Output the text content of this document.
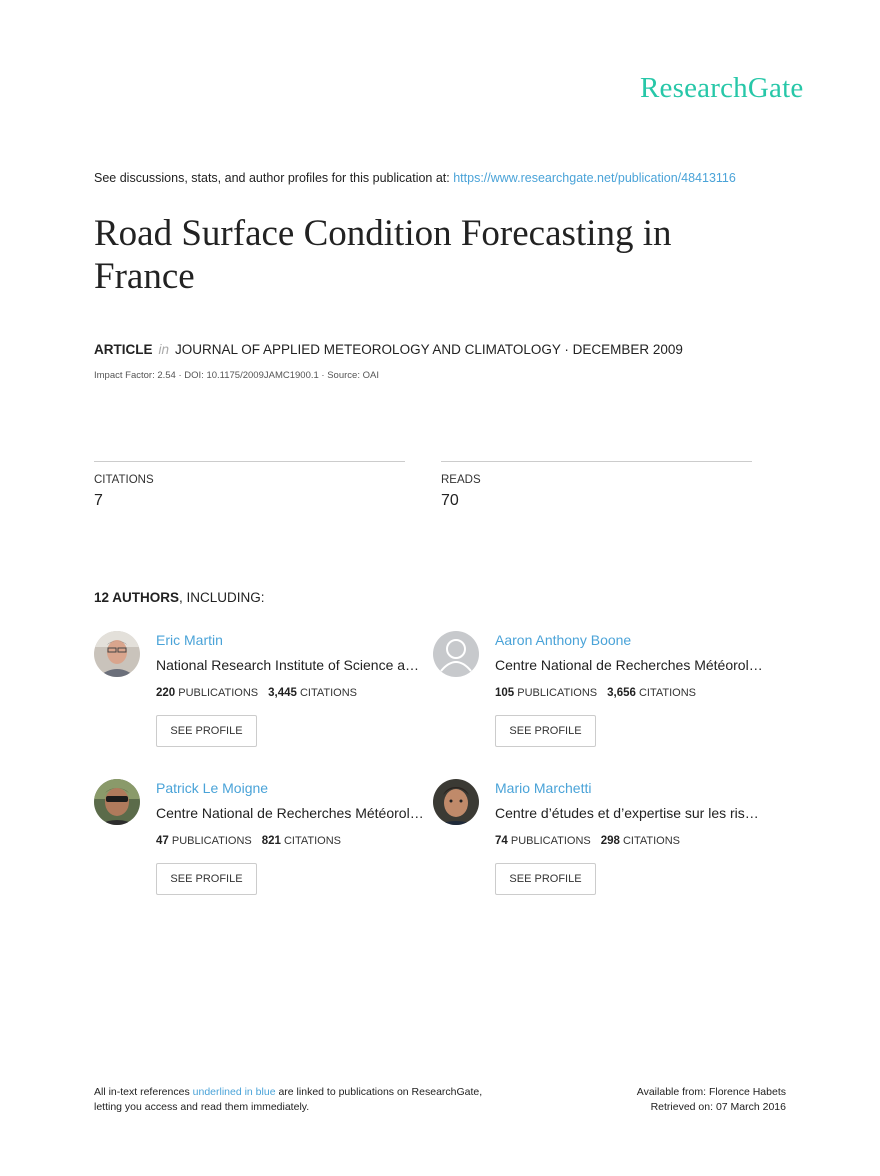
ResearchGate
See discussions, stats, and author profiles for this publication at: https://www.researchgate.net/publication/48413116
Road Surface Condition Forecasting in France
ARTICLE in JOURNAL OF APPLIED METEOROLOGY AND CLIMATOLOGY · DECEMBER 2009
Impact Factor: 2.54 · DOI: 10.1175/2009JAMC1900.1 · Source: OAI
CITATIONS
7
READS
70
12 AUTHORS, INCLUDING:
Eric Martin
National Research Institute of Science a…
220 PUBLICATIONS 3,445 CITATIONS
SEE PROFILE
Aaron Anthony Boone
Centre National de Recherches Météorol…
105 PUBLICATIONS 3,656 CITATIONS
SEE PROFILE
Patrick Le Moigne
Centre National de Recherches Météorol…
47 PUBLICATIONS 821 CITATIONS
SEE PROFILE
Mario Marchetti
Centre d’études et d’expertise sur les ris…
74 PUBLICATIONS 298 CITATIONS
SEE PROFILE
All in-text references underlined in blue are linked to publications on ResearchGate,
letting you access and read them immediately.
Available from: Florence Habets
Retrieved on: 07 March 2016
